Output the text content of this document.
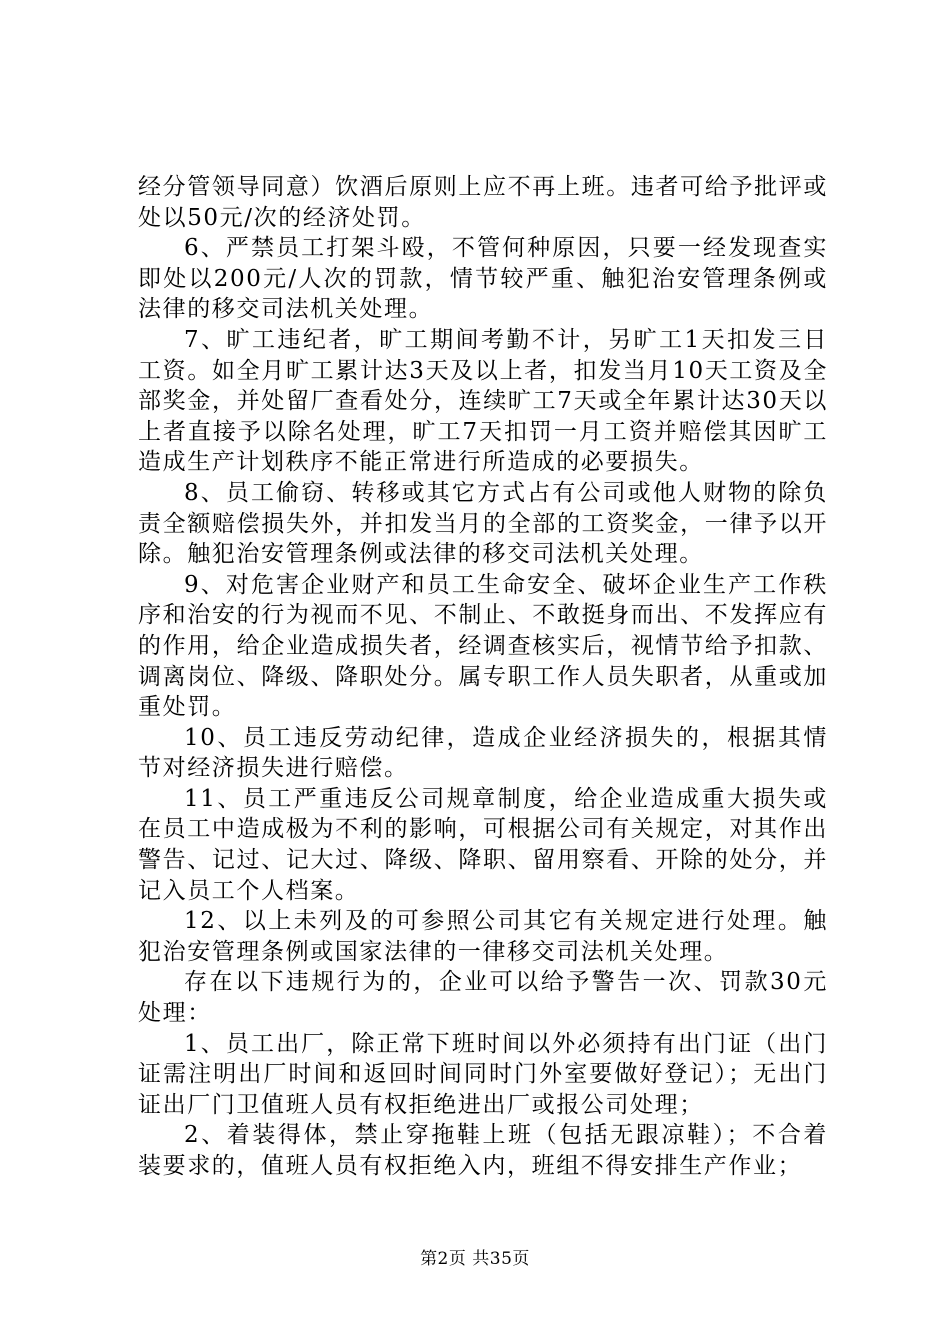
经分管领导同意）饮酒后原则上应不再上班。违者可给予批评或处以50元/次的经济处罚。

6、严禁员工打架斗殴，不管何种原因，只要一经发现查实即处以200元/人次的罚款，情节较严重、触犯治安管理条例或法律的移交司法机关处理。

7、旷工违纪者，旷工期间考勤不计，另旷工1天扣发三日工资。如全月旷工累计达3天及以上者，扣发当月10天工资及全部奖金，并处留厂查看处分，连续旷工7天或全年累计达30天以上者直接予以除名处理，旷工7天扣罚一月工资并赔偿其因旷工造成生产计划秩序不能正常进行所造成的必要损失。

8、员工偷窃、转移或其它方式占有公司或他人财物的除负责全额赔偿损失外，并扣发当月的全部的工资奖金，一律予以开除。触犯治安管理条例或法律的移交司法机关处理。

9、对危害企业财产和员工生命安全、破坏企业生产工作秩序和治安的行为视而不见、不制止、不敢挺身而出、不发挥应有的作用，给企业造成损失者，经调查核实后，视情节给予扣款、调离岗位、降级、降职处分。属专职工作人员失职者，从重或加重处罚。

10、员工违反劳动纪律，造成企业经济损失的，根据其情节对经济损失进行赔偿。

11、员工严重违反公司规章制度，给企业造成重大损失或在员工中造成极为不利的影响，可根据公司有关规定，对其作出警告、记过、记大过、降级、降职、留用察看、开除的处分，并记入员工个人档案。

12、以上未列及的可参照公司其它有关规定进行处理。触犯治安管理条例或国家法律的一律移交司法机关处理。

存在以下违规行为的，企业可以给予警告一次、罚款30元处理：

1、员工出厂，除正常下班时间以外必须持有出门证（出门证需注明出厂时间和返回时间同时门外室要做好登记）；无出门证出厂门卫值班人员有权拒绝进出厂或报公司处理；

2、着装得体，禁止穿拖鞋上班（包括无跟凉鞋）；不合着装要求的，值班人员有权拒绝入内，班组不得安排生产作业；

第2页 共35页
